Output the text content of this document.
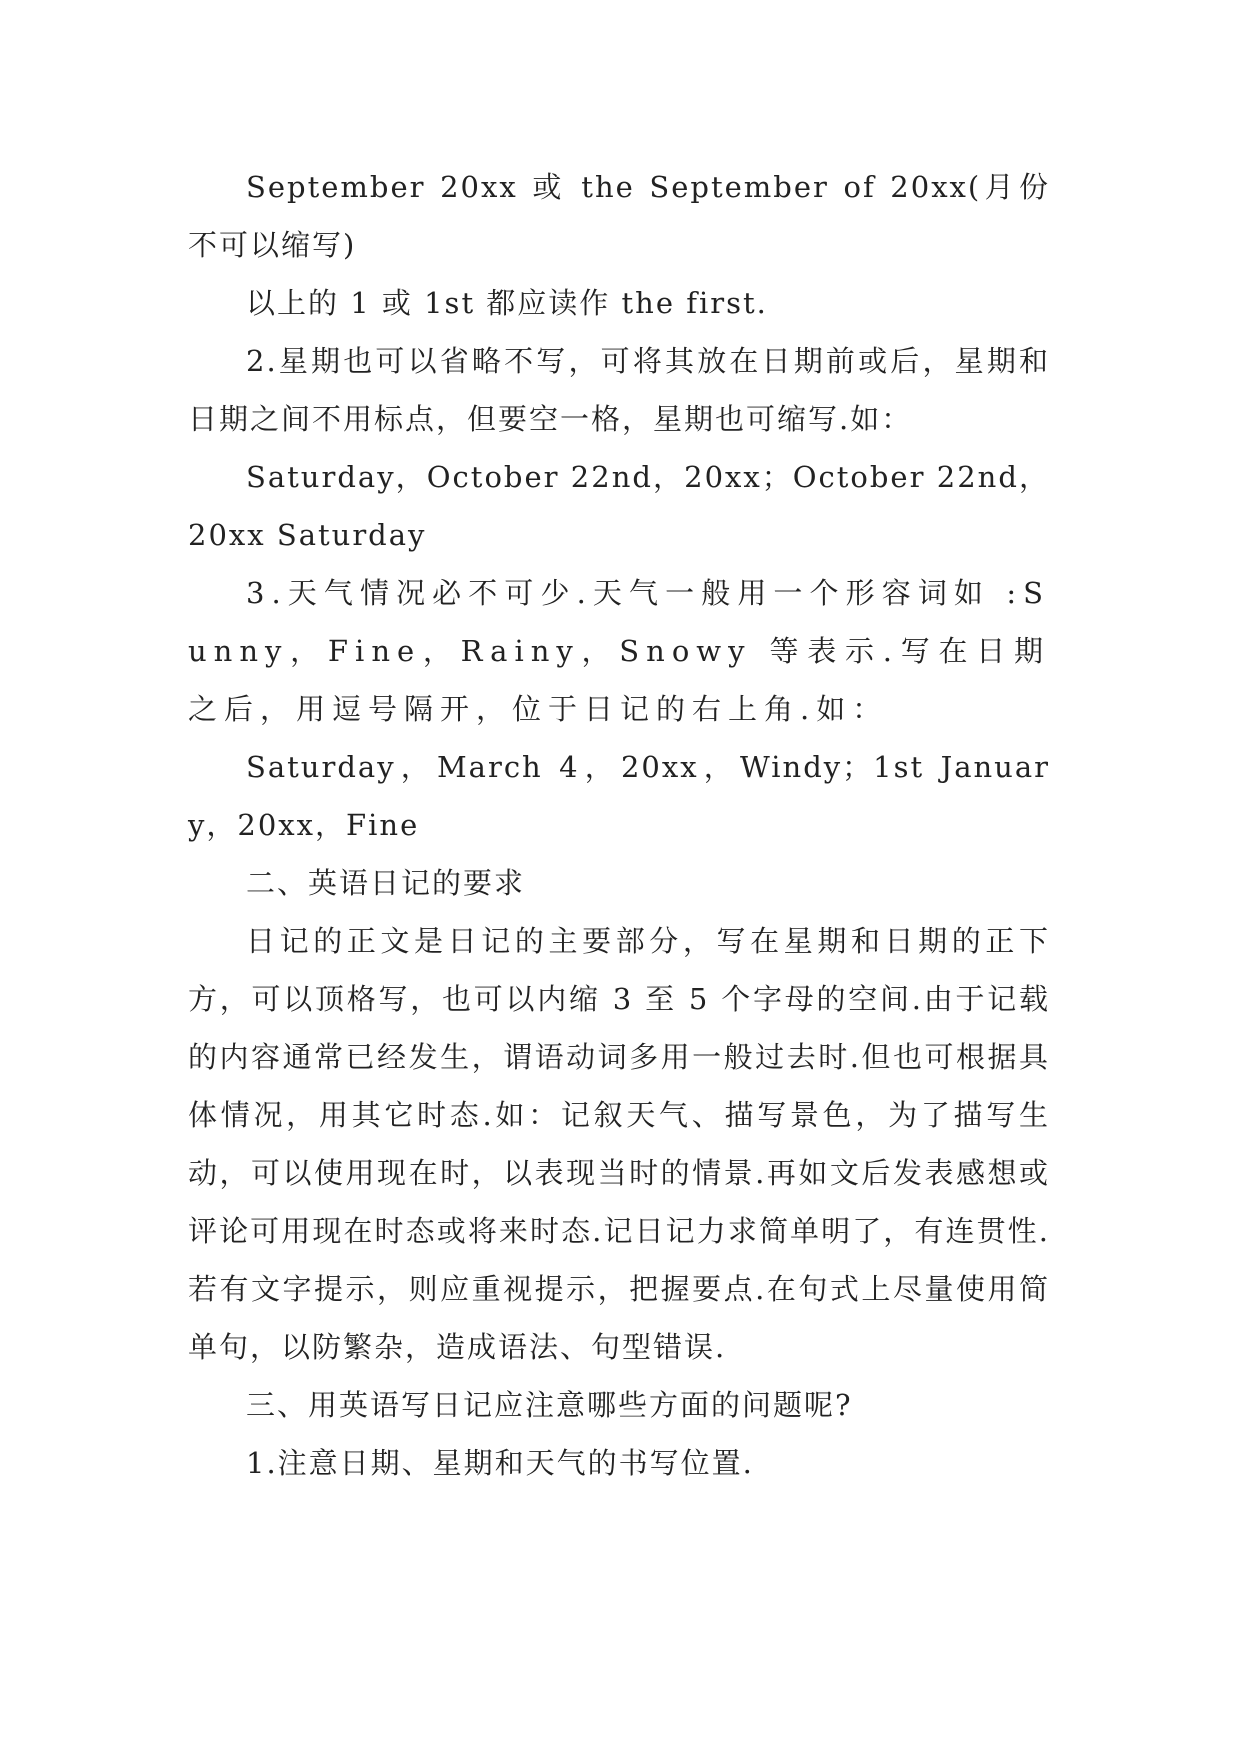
September 20xx 或 the September of 20xx(月份不可以缩写)

以上的 1 或 1st 都应读作 the first.

2.星期也可以省略不写，可将其放在日期前或后，星期和日期之间不用标点，但要空一格，星期也可缩写.如：

Saturday，October 22nd，20xx；October 22nd，20xx Saturday

3.天气情况必不可少.天气一般用一个形容词如 :Sunny，Fine，Rainy，Snowy 等表示.写在日期之后，用逗号隔开，位于日记的右上角.如：

Saturday，March 4，20xx，Windy；1st January，20xx，Fine

二、英语日记的要求

日记的正文是日记的主要部分，写在星期和日期的正下方，可以顶格写，也可以内缩 3 至 5 个字母的空间.由于记载的内容通常已经发生，谓语动词多用一般过去时.但也可根据具体情况，用其它时态.如：记叙天气、描写景色，为了描写生动，可以使用现在时，以表现当时的情景.再如文后发表感想或评论可用现在时态或将来时态.记日记力求简单明了，有连贯性.若有文字提示，则应重视提示，把握要点.在句式上尽量使用简单句，以防繁杂，造成语法、句型错误.

三、用英语写日记应注意哪些方面的问题呢?

1.注意日期、星期和天气的书写位置.
